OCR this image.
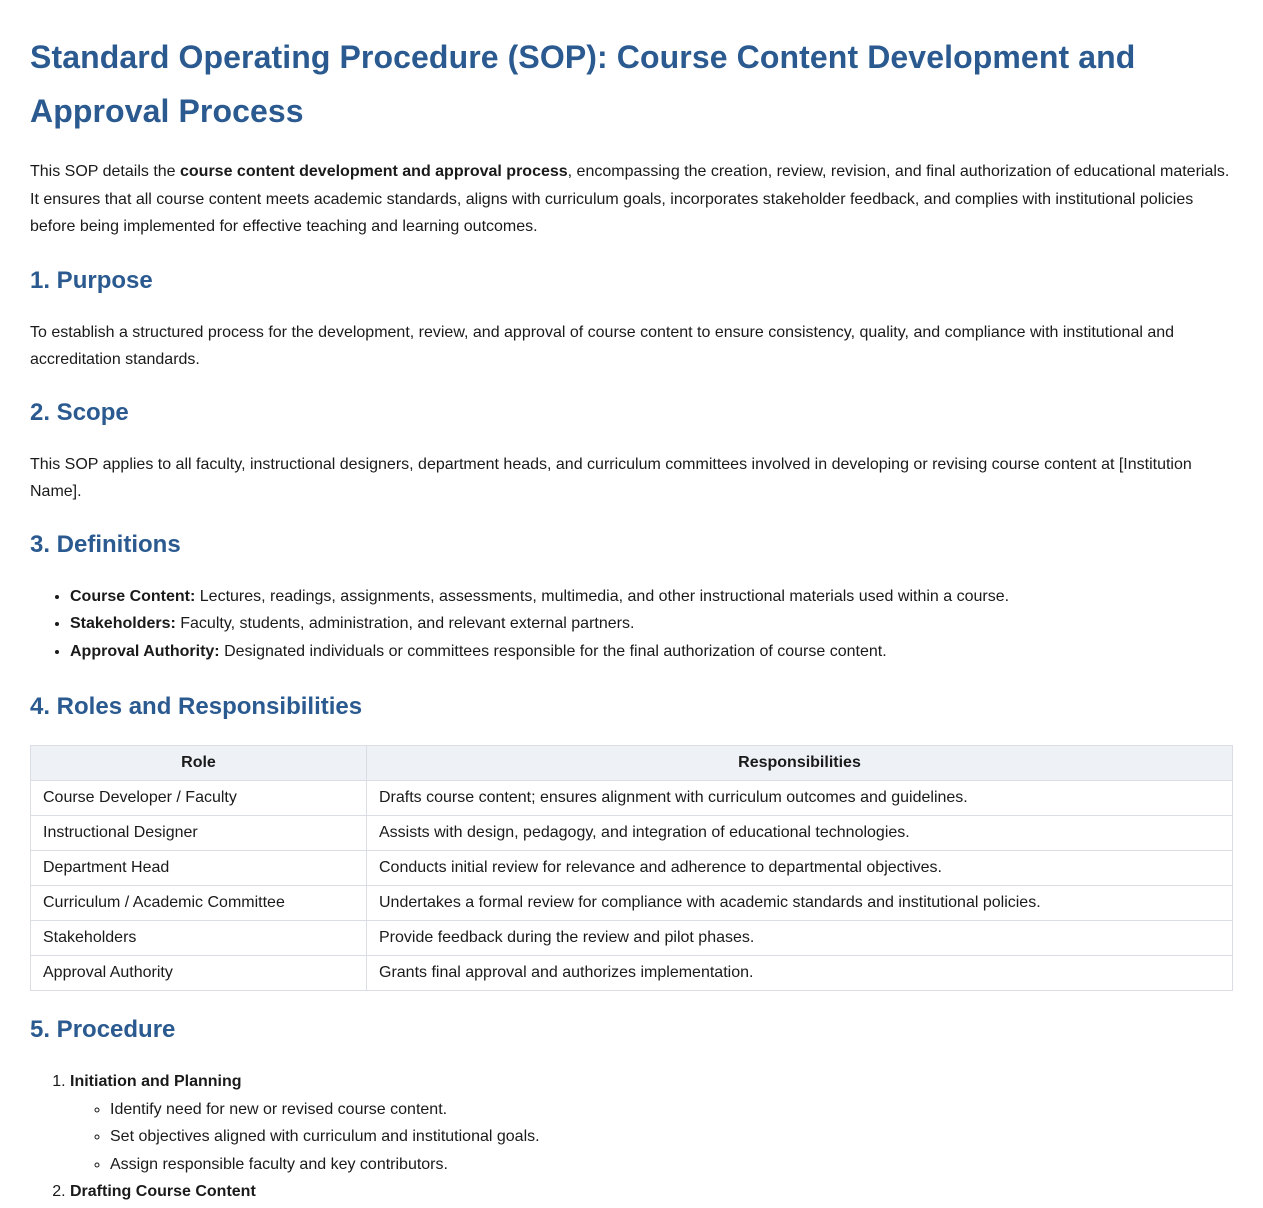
Standard Operating Procedure (SOP): Course Content Development and Approval Process

This SOP details the course content development and approval process, encompassing the creation, review, revision, and final authorization of educational materials. It ensures that all course content meets academic standards, aligns with curriculum goals, incorporates stakeholder feedback, and complies with institutional policies before being implemented for effective teaching and learning outcomes.

1. Purpose

To establish a structured process for the development, review, and approval of course content to ensure consistency, quality, and compliance with institutional and accreditation standards.

2. Scope

This SOP applies to all faculty, instructional designers, department heads, and curriculum committees involved in developing or revising course content at [Institution Name].

3. Definitions
• Course Content: Lectures, readings, assignments, assessments, multimedia, and other instructional materials used within a course.
• Stakeholders: Faculty, students, administration, and relevant external partners.
• Approval Authority: Designated individuals or committees responsible for the final authorization of course content.
4. Roles and Responsibilities
Role	Responsibilities
Course Developer / Faculty	Drafts course content; ensures alignment with curriculum outcomes and guidelines.
Instructional Designer	Assists with design, pedagogy, and integration of educational technologies.
Department Head	Conducts initial review for relevance and adherence to departmental objectives.
Curriculum / Academic Committee	Undertakes a formal review for compliance with academic standards and institutional policies.
Stakeholders	Provide feedback during the review and pilot phases.
Approval Authority	Grants final approval and authorizes implementation.
5. Procedure
1. Initiation and Planning
◦ Identify need for new or revised course content.
◦ Set objectives aligned with curriculum and institutional goals.
◦ Assign responsible faculty and key contributors.
2. Drafting Course Content
